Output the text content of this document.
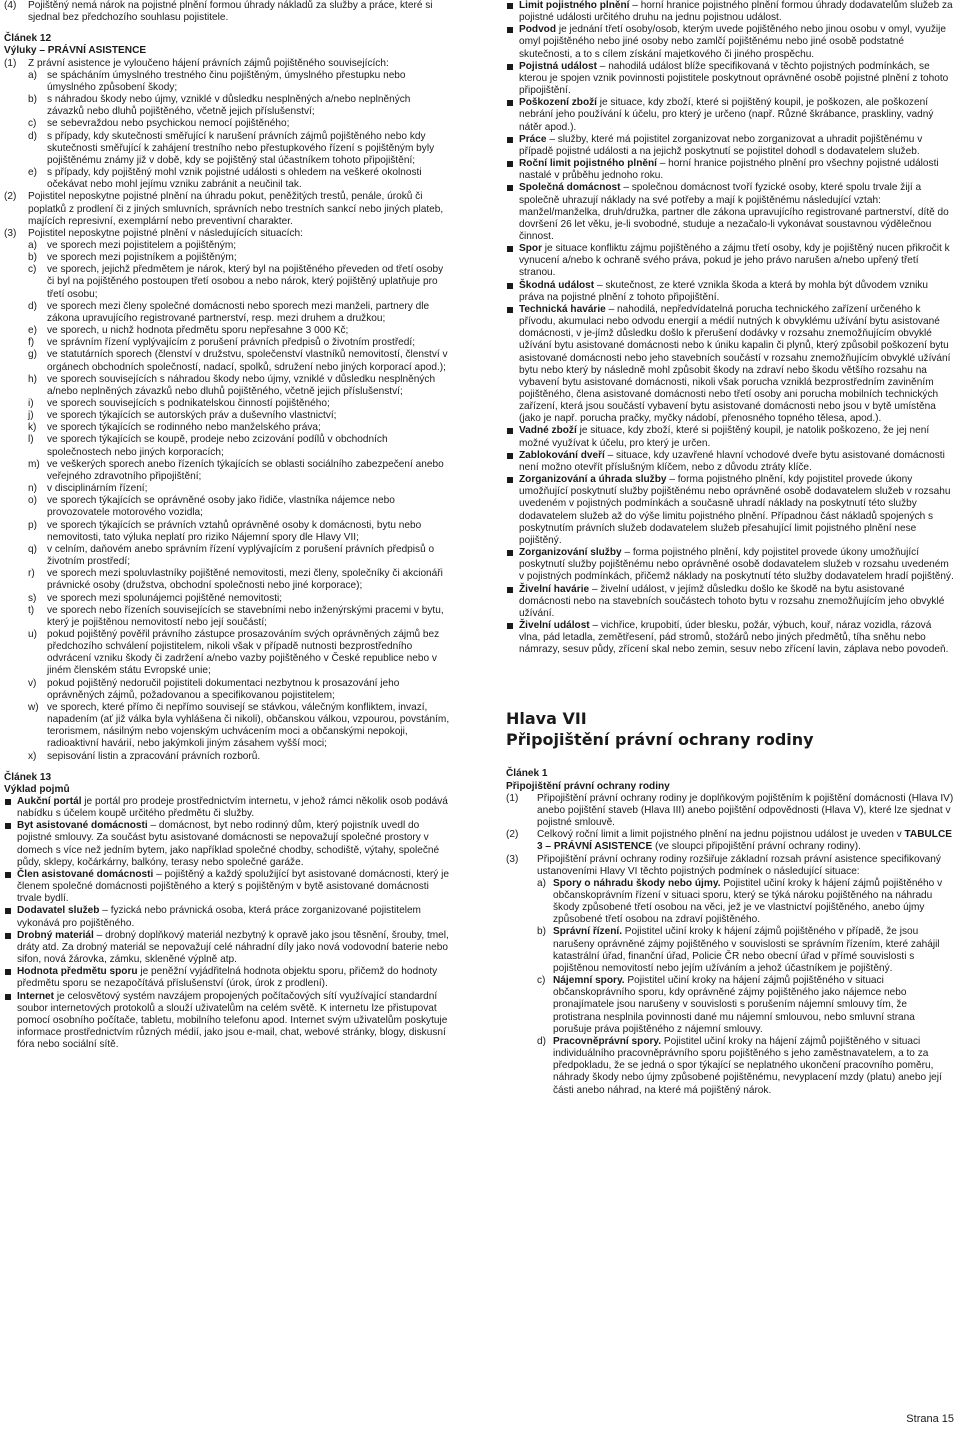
(4) Pojištěný nemá nárok na pojistné plnění formou úhrady nákladů za služby a práce, které si sjednal bez předchozího souhlasu pojistitele.
Článek 12
Výluky – PRÁVNÍ ASISTENCE
(1) Z právní asistence je vyloučeno hájení právních zájmů pojištěného souvisejících:
a) se spácháním úmyslného trestného činu pojištěným, úmyslného přestupku nebo úmyslného způsobení škody;
b) s náhradou škody nebo újmy, vzniklé v důsledku nesplněných a/nebo neplněných závazků nebo dluhů pojištěného, včetně jejich příslušenství;
c) se sebevraždou nebo psychickou nemocí pojištěného;
d) s případy, kdy skutečnosti směřující k narušení právních zájmů pojištěného nebo kdy skutečnosti směřující k zahájení trestního nebo přestupkového řízení s pojištěným byly pojištěnému známy již v době, kdy se pojištěný stal účastníkem tohoto připojištění;
e) s případy, kdy pojištěný mohl vznik pojistné události s ohledem na veškeré okolnosti očekávat nebo mohl jejímu vzniku zabránit a neučinil tak.
(2) Pojistitel neposkytne pojistné plnění na úhradu pokut, peněžitých trestů, penále, úroků či poplatků z prodlení či z jiných smluvních, správních nebo trestních sankcí nebo jiných plateb, majících represivní, exemplární nebo preventivní charakter.
(3) Pojistitel neposkytne pojistné plnění v následujících situacích:
a) ve sporech mezi pojistitelem a pojištěným;
b) ve sporech mezi pojistníkem a pojištěným;
c) ve sporech, jejichž předmětem je nárok, který byl na pojištěného převeden od třetí osoby či byl na pojištěného postoupen třetí osobou a nebo nárok, který pojištěný uplatňuje pro třetí osobu;
d) ve sporech mezi členy společné domácnosti nebo sporech mezi manželi, partnery dle zákona upravujícího registrované partnerství, resp. mezi druhem a družkou;
e) ve sporech, u nichž hodnota předmětu sporu nepřesahne 3 000 Kč;
f) ve správním řízení vyplývajícím z porušení právních předpisů o životním prostředí;
g) ve statutárních sporech (členství v družstvu, společenství vlastníků nemovitostí, členství v orgánech obchodních společností, nadací, spolků, sdružení nebo jiných korporací apod.);
h) ve sporech souvisejících s náhradou škody nebo újmy, vzniklé v důsledku nesplněných a/nebo neplněných závazků nebo dluhů pojištěného, včetně jejich příslušenství;
i) ve sporech souvisejících s podnikatelskou činností pojištěného;
j) ve sporech týkajících se autorských práv a duševního vlastnictví;
k) ve sporech týkajících se rodinného nebo manželského práva;
l) ve sporech týkajících se koupě, prodeje nebo zcizování podílů v obchodních společnostech nebo jiných korporacích;
m) ve veškerých sporech anebo řízeních týkajících se oblasti sociálního zabezpečení anebo veřejného zdravotního připojištění;
n) v disciplinárním řízení;
o) ve sporech týkajících se oprávněné osoby jako řidiče, vlastníka nájemce nebo provozovatele motorového vozidla;
p) ve sporech týkajících se právních vztahů oprávněné osoby k domácnosti, bytu nebo nemovitosti, tato výluka neplatí pro riziko Nájemní spory dle Hlavy VII;
q) v celním, daňovém anebo správním řízení vyplývajícím z porušení právních předpisů o životním prostředí;
r) ve sporech mezi spoluvlastníky pojištěné nemovitosti, mezi členy, společníky či akcionáři právnické osoby (družstva, obchodní společnosti nebo jiné korporace);
s) ve sporech mezi spolunájemci pojištěné nemovitosti;
t) ve sporech nebo řízeních souvisejících se stavebními nebo inženýrskými pracemi v bytu, který je pojištěnou nemovitostí nebo její součástí;
u) pokud pojištěný pověřil právního zástupce prosazováním svých oprávněných zájmů bez předchozího schválení pojistitelem, nikoli však v případě nutnosti bezprostředního odvrácení vzniku škody či zadržení a/nebo vazby pojištěného v České republice nebo v jiném členském státu Evropské unie;
v) pokud pojištěný nedoručil pojistiteli dokumentaci nezbytnou k prosazování jeho oprávněných zájmů, požadovanou a specifikovanou pojistitelem;
w) ve sporech, které přímo či nepřímo souvisejí se stávkou, válečným konfliktem, invazí, napadením (ať již válka byla vyhlášena či nikoli), občanskou válkou, vzpourou, povstáním, terorismem, násilným nebo vojenským uchvácením moci a občanskými nepokoji, radioaktivní havárií, nebo jakýmkoli jiným zásahem vyšší moci;
x) sepisování listin a zpracování právních rozborů.
Článek 13
Výklad pojmů
Aukční portál je portál pro prodeje prostřednictvím internetu, v jehož rámci několik osob podává nabídku s účelem koupě určitého předmětu či služby.
Byt asistované domácnosti – domácnost, byt nebo rodinný dům, který pojistník uvedl do pojistné smlouvy. Za součást bytu asistované domácnosti se nepovažují společné prostory v domech s více než jedním bytem, jako například společné chodby, schodiště, výtahy, společné půdy, sklepy, kočárkárny, balkóny, terasy nebo společné garáže.
Člen asistované domácnosti – pojištěný a každý spolužijící byt asistované domácnosti, který je členem společné domácnosti pojištěného a který s pojištěným v bytě asistované domácnosti trvale bydlí.
Dodavatel služeb – fyzická nebo právnická osoba, která práce zorganizované pojistitelem vykonává pro pojištěného.
Drobný materiál – drobný doplňkový materiál nezbytný k opravě jako jsou těsnění, šrouby, tmel, dráty atd. Za drobný materiál se nepovažují celé náhradní díly jako nová vodovodní baterie nebo sifon, nová žárovka, zámku, skleněné výplně atp.
Hodnota předmětu sporu je peněžní vyjádřitelná hodnota objektu sporu, přičemž do hodnoty předmětu sporu se nezapočítává příslušenství (úrok, úrok z prodlení).
Internet je celosvětový systém navzájem propojených počítačových sítí využívající standardní soubor internetových protokolů a slouží uživatelům na celém světě. K internetu lze přistupovat pomocí osobního počítače, tabletu, mobilního telefonu apod. Internet svým uživatelům poskytuje informace prostřednictvím různých médií, jako jsou e-mail, chat, webové stránky, blogy, diskusní fóra nebo sociální sítě.
Limit pojistného plnění – horní hranice pojistného plnění formou úhrady dodavatelům služeb za pojistné události určitého druhu na jednu pojistnou událost.
Podvod je jednání třetí osoby/osob, kterým uvede pojištěného nebo jinou osobu v omyl, využije omyl pojištěného nebo jiné osoby nebo zamlčí pojištěnému nebo jiné osobě podstatné skutečnosti, a to s cílem získání majetkového či jiného prospěchu.
Pojistná událost – nahodilá událost blíže specifikovaná v těchto pojistných podmínkách, se kterou je spojen vznik povinnosti pojistitele poskytnout oprávněné osobě pojistné plnění z tohoto připojištění.
Poškození zboží je situace, kdy zboží, které si pojištěný koupil, je poškozen, ale poškození nebrání jeho používání k účelu, pro který je určeno (např. Různé škrábance, praskliny, vadný nátěr apod.).
Práce – služby, které má pojistitel zorganizovat nebo zorganizovat a uhradit pojištěnému v případě pojistné události a na jejichž poskytnutí se pojistitel dohodl s dodavatelem služeb.
Roční limit pojistného plnění – horní hranice pojistného plnění pro všechny pojistné události nastalé v průběhu jednoho roku.
Společná domácnost – společnou domácnost tvoří fyzické osoby, které spolu trvale žijí a společně uhrazují náklady na své potřeby a mají k pojištěnému následující vztah: manžel/manželka, druh/družka, partner dle zákona upravujícího registrované partnerství, dítě do dovršení 26 let věku, je-li svobodné, studuje a nezačalo-li vykonávat soustavnou výdělečnou činnost.
Spor je situace konfliktu zájmu pojištěného a zájmu třetí osoby, kdy je pojištěný nucen přikročit k vynucení a/nebo k ochraně svého práva, pokud je jeho právo narušen a/nebo upřený třetí stranou.
Škodná událost – skutečnost, ze které vznikla škoda a která by mohla být důvodem vzniku práva na pojistné plnění z tohoto připojištění.
Technická havárie – nahodilá, nepředvídatelná porucha technického zařízení určeného k přívodu, akumulaci nebo odvodu energií a médií nutných k obvyklému užívání bytu asistované domácnosti, v je-jímž důsledku došlo k přerušení dodávky v rozsahu znemožňujícím obvyklé užívání bytu asistované domácnosti nebo k úniku kapalin či plynů, který způsobil poškození bytu asistované domácnosti nebo jeho stavebních součástí v rozsahu znemožňujícím obvyklé užívání bytu nebo který by následně mohl způsobit škody na zdraví nebo škodu většího rozsahu na vybavení bytu asistované domácnosti, nikoli však porucha vzniklá bezprostředním zaviněním pojištěného, člena asistované domácnosti nebo třetí osoby ani porucha mobilních technických zařízení, která jsou součástí vybavení bytu asistované domácnosti nebo jsou v bytě umístěna (jako je např. porucha pračky, myčky nádobí, přenosného topného tělesa, apod.).
Vadné zboží je situace, kdy zboží, které si pojištěný koupil, je natolik poškozeno, že jej není možné využívat k účelu, pro který je určen.
Zablokování dveří – situace, kdy uzavřené hlavní vchodové dveře bytu asistované domácnosti není možno otevřít příslušným klíčem, nebo z důvodu ztráty klíče.
Zorganizování a úhrada služby – forma pojistného plnění, kdy pojistitel provede úkony umožňující poskytnutí služby pojištěnému nebo oprávněné osobě dodavatelem služeb v rozsahu uvedeném v pojistných podmínkách a současně uhradí náklady na poskytnutí této služby dodavatelem služeb až do výše limitu pojistného plnění. Případnou část nákladů spojených s poskytnutím právních služeb dodavatelem služeb přesahující limit pojistného plnění nese pojištěný.
Zorganizování služby – forma pojistného plnění, kdy pojistitel provede úkony umožňující poskytnutí služby pojištěnému nebo oprávněné osobě dodavatelem služeb v rozsahu uvedeném v pojistných podmínkách, přičemž náklady na poskytnutí této služby dodavatelem hradí pojištěný.
Živelní havárie – živelní událost, v jejímž důsledku došlo ke škodě na bytu asistované domácnosti nebo na stavebních součástech tohoto bytu v rozsahu znemožňujícím jeho obvyklé užívání.
Živelní událost – vichřice, krupobití, úder blesku, požár, výbuch, kouř, náraz vozidla, rázová vlna, pád letadla, zemětřesení, pád stromů, stožárů nebo jiných předmětů, tíha sněhu nebo námrazy, sesuv půdy, zřícení skal nebo zemin, sesuv nebo zřícení lavin, záplava nebo povodeň.
Hlava VII
Připojištění právní ochrany rodiny
Článek 1
Připojištění právní ochrany rodiny
(1) Připojištění právní ochrany rodiny je doplňkovým pojištěním k pojištění domácnosti (Hlava IV) anebo pojištění staveb (Hlava III) anebo pojištění odpovědnosti (Hlava V), které lze sjednat v pojistné smlouvě.
(2) Celkový roční limit a limit pojistného plnění na jednu pojistnou událost je uveden v TABULCE 3 – PRÁVNÍ ASISTENCE (ve sloupci připojištění právní ochrany rodiny).
(3) Připojištění právní ochrany rodiny rozšiřuje základní rozsah právní asistence specifikovaný ustanoveními Hlavy VI těchto pojistných podmínek o následující situace:
a) Spory o náhradu škody nebo újmy. Pojistitel učiní kroky k hájení zájmů pojištěného v občanskoprávním řízení v situaci sporu, který se týká nároku pojištěného na náhradu škody způsobené třetí osobou na věci, jež je ve vlastnictví pojištěného, anebo újmy způsobené třetí osobou na zdraví pojištěného.
b) Správní řízení. Pojistitel učiní kroky k hájení zájmů pojištěného v případě, že jsou narušeny oprávněné zájmy pojištěného v souvislosti se správním řízením, které zahájil katastrální úřad, finanční úřad, Policie ČR nebo obecní úřad v přímé souvislosti s pojištěnou nemovitostí nebo jejím užíváním a jehož účastníkem je pojištěný.
c) Nájemní spory. Pojistitel učiní kroky na hájení zájmů pojištěného v situaci občanskoprávního sporu, kdy oprávněné zájmy pojištěného jako nájemce nebo pronajímatele jsou narušeny v souvislosti s porušením nájemní smlouvy tím, že protistrana nesplnila povinnosti dané mu nájemní smlouvou, nebo smluvní strana porušuje práva pojištěného z nájemní smlouvy.
d) Pracovněprávní spory. Pojistitel učiní kroky na hájení zájmů pojištěného v situaci individuálního pracovněprávního sporu pojištěného s jeho zaměstnavatelem, a to za předpokladu, že se jedná o spor týkající se neplatného ukončení pracovního poměru, náhrady škody nebo újmy způsobené pojištěnému, nevyplacení mzdy (platu) anebo její části anebo náhrad, na které má pojištěný nárok.
Strana 15
